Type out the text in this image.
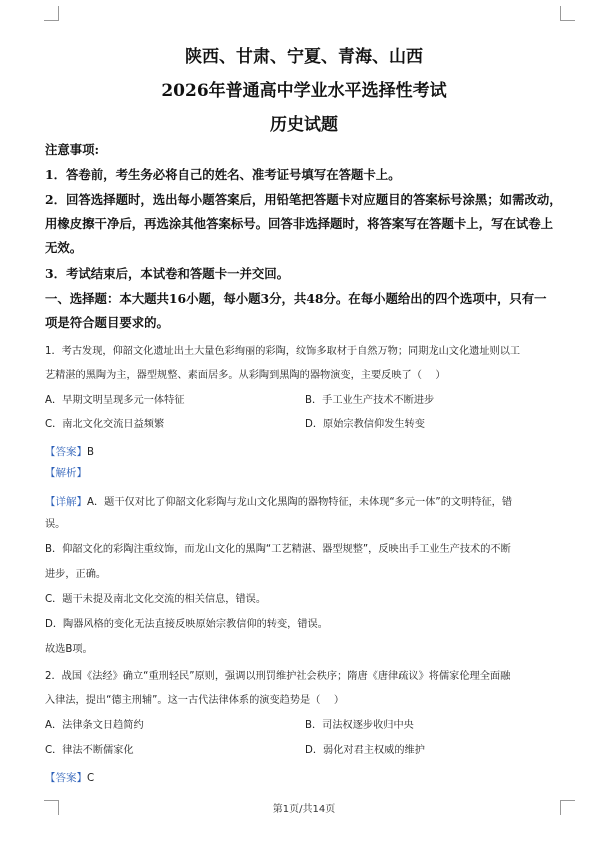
陕西、甘肃、宁夏、青海、山西
2026年普通高中学业水平选择性考试
历史试题
注意事项:
1．答卷前，考生务必将自己的姓名、准考证号填写在答题卡上。
2．回答选择题时，选出每小题答案后，用铅笔把答题卡对应题目的答案标号涂黑；如需改动，
用橡皮擦干净后，再选涂其他答案标号。回答非选择题时，将答案写在答题卡上，写在试卷上
无效。
3．考试结束后，本试卷和答题卡一并交回。
一、选择题：本大题共16小题，每小题3分，共48分。在每小题给出的四个选项中，只有一
项是符合题目要求的。
1．考古发现，仰韶文化遗址出土大量色彩绚丽的彩陶，纹饰多取材于自然万物；同期龙山文化遗址则以工
艺精湛的黑陶为主，器型规整、素面居多。从彩陶到黑陶的器物演变，主要反映了（　 ）
A．早期文明呈现多元一体特征	B．手工业生产技术不断进步
C．南北文化交流日益频繁	D．原始宗教信仰发生转变
【答案】B
【解析】
【详解】A．题干仅对比了仰韶文化彩陶与龙山文化黑陶的器物特征，未体现“多元一体”的文明特征，错
误。
B．仰韶文化的彩陶注重纹饰，而龙山文化的黑陶“工艺精湛、器型规整”，反映出手工业生产技术的不断
进步，正确。
C．题干未提及南北文化交流的相关信息，错误。
D．陶器风格的变化无法直接反映原始宗教信仰的转变，错误。
故选B项。
2．战国《法经》确立“重刑轻民”原则，强调以刑罚维护社会秩序；隋唐《唐律疏议》将儒家伦理全面融
入律法，提出“德主刑辅”。这一古代法律体系的演变趋势是（　 ）
A．法律条文日趋简约	B．司法权逐步收归中央
C．律法不断儒家化	D．弱化对君主权威的维护
【答案】C
第1页/共14页
